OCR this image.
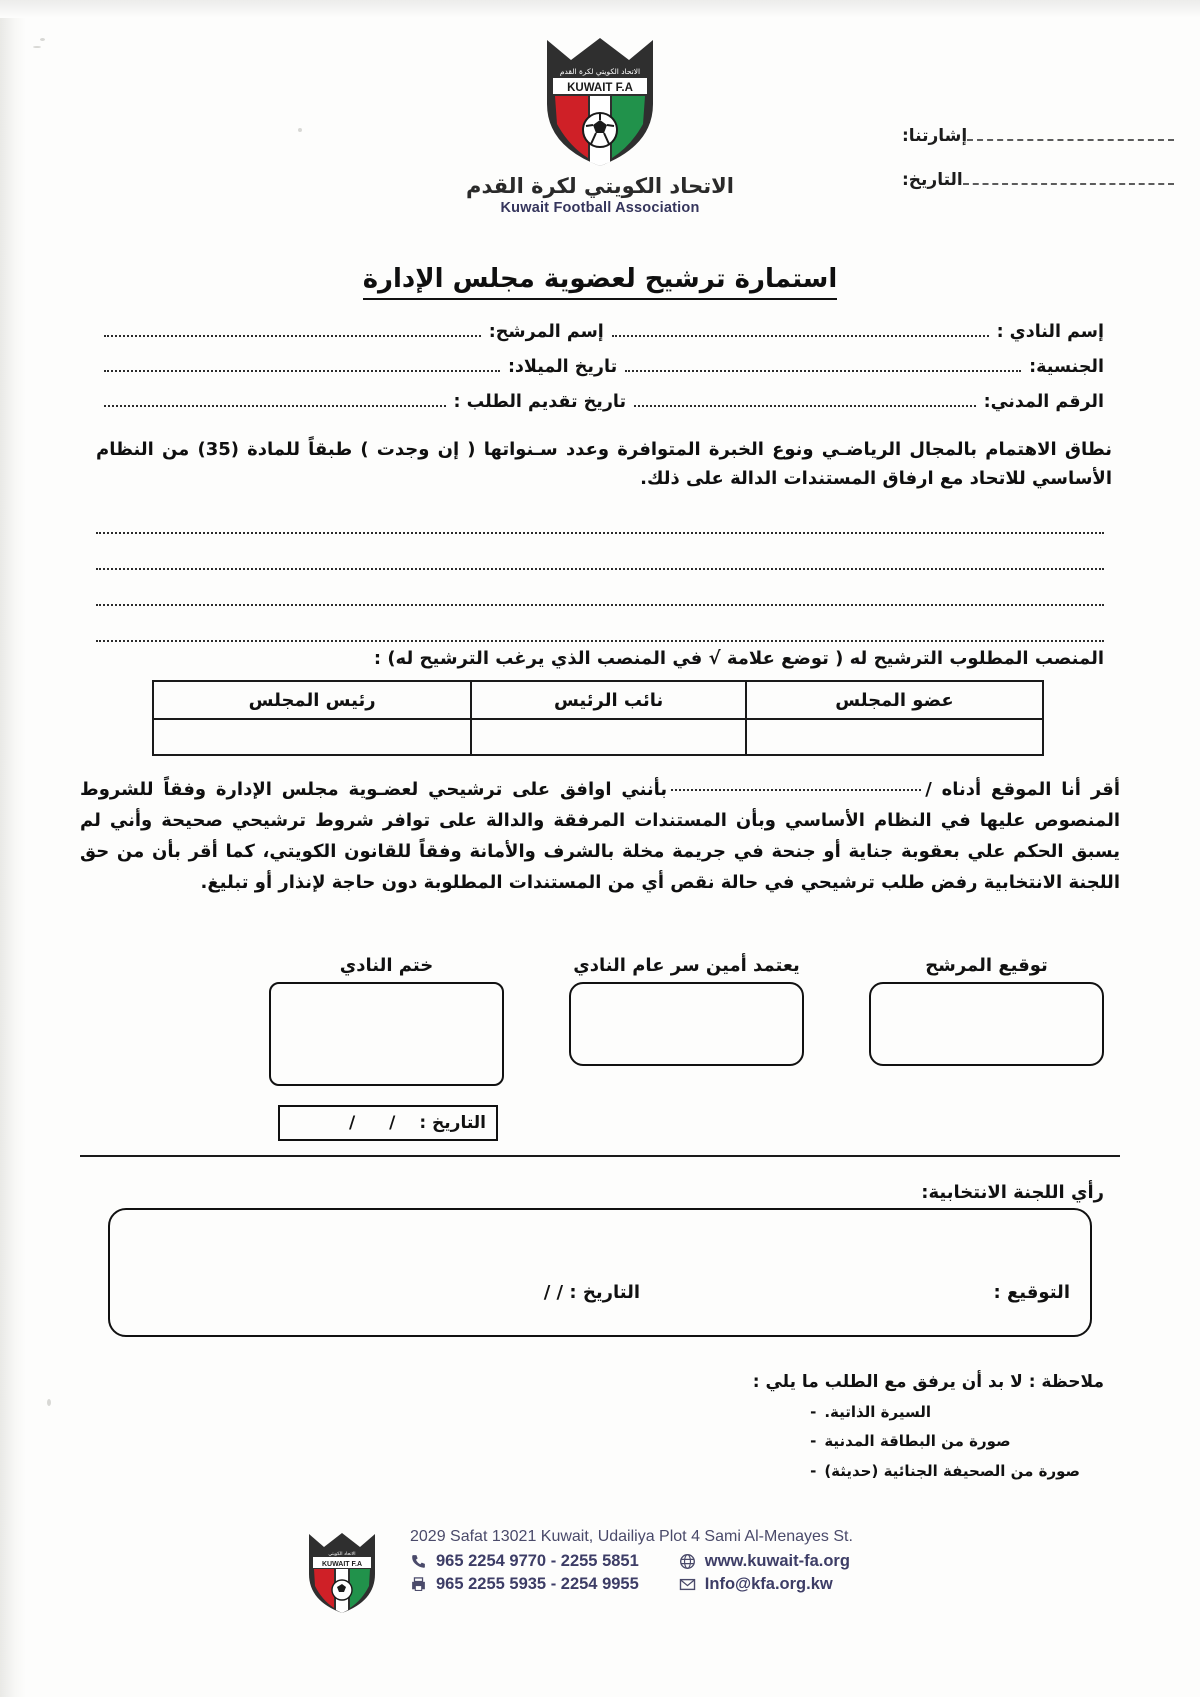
الاتحاد الكويتي لكرة القدم
KUWAIT F.A
الاتحاد الكويتي لكرة القدم
Kuwait Football Association
إشارتنا:
التاريخ:
استمارة ترشيح لعضوية مجلس الإدارة
إسم النادي :
إسم المرشح:
الجنسية:
تاريخ الميلاد:
الرقم المدني:
تاريخ تقديم الطلب :
نطاق الاهتمام بالمجال الرياضـي ونوع الخبرة المتوافرة وعدد سـنواتها ( إن وجدت ) طبقاً للمادة (35) من النظام الأساسي للاتحاد مع ارفاق المستندات الدالة على ذلك.
المنصب المطلوب الترشيح له ( توضع علامة √ في المنصب الذي يرغب الترشيح له) :
عضو المجلس	نائب الرئيس	رئيس المجلس

أقر أنا الموقع أدناه /بأنني اوافق على ترشيحي لعضـوية مجلس الإدارة وفقاً للشروط المنصوص عليها في النظام الأساسي وبأن المستندات المرفقة والدالة على توافر شروط ترشيحي صحيحة وأني لم يسبق الحكم علي بعقوبة جناية أو جنحة في جريمة مخلة بالشرف والأمانة وفقاً للقانون الكويتي، كما أقر بأن من حق اللجنة الانتخابية رفض طلب ترشيحي في حالة نقص أي من المستندات المطلوبة دون حاجة لإنذار أو تبليغ.
توقيع المرشح
يعتمد أمين سر عام النادي
ختم النادي
التاريخ :
/ /
رأي اللجنة الانتخابية:
التوقيع :
التاريخ : / /
ملاحظة : لا بد أن يرفق مع الطلب ما يلي :
السيرة الذاتية.
-
صورة من البطاقة المدنية
-
صورة من الصحيفة الجنائية (حديثة)
-
الاتحاد الكويتي
KUWAIT F.A
2029 Safat 13021 Kuwait, Udailiya Plot 4 Sami Al-Menayes St.
965 2254 9770 - 2255 5851	www.kuwait-fa.org
965 2255 5935 - 2254 9955	Info@kfa.org.kw
